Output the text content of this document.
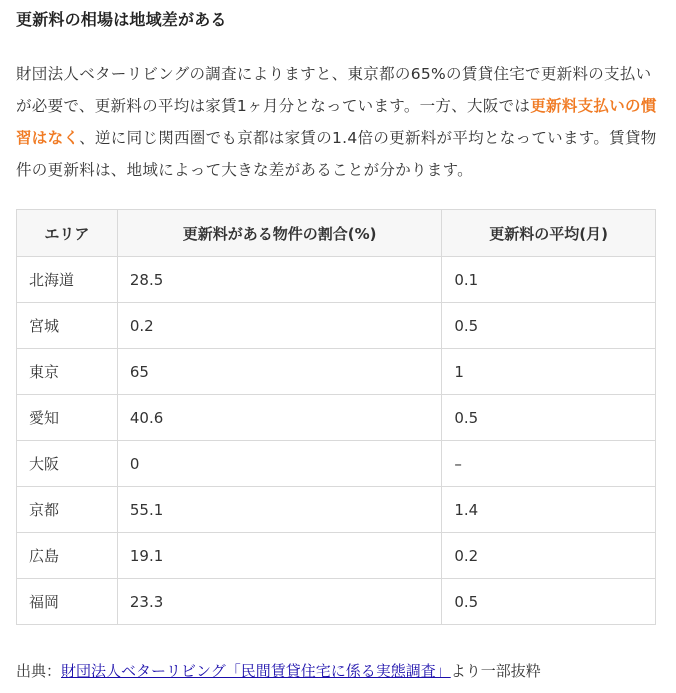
更新料の相場は地域差がある
財団法人ベターリビングの調査によりますと、東京都の65%の賃貸住宅で更新料の支払いが必要で、更新料の平均は家賃1ヶ月分となっています。一方、大阪では更新料支払いの慣習はなく、逆に同じ関西圏でも京都は家賃の1.4倍の更新料が平均となっています。賃貸物件の更新料は、地域によって大きな差があることが分かります。
エリア	更新料がある物件の割合(%)	更新料の平均(月)
北海道	28.5	0.1
宮城	0.2	0.5
東京	65	1
愛知	40.6	0.5
大阪	0	–
京都	55.1	1.4
広島	19.1	0.2
福岡	23.3	0.5
出典：財団法人ベターリビング「民間賃貸住宅に係る実態調査」より一部抜粋
